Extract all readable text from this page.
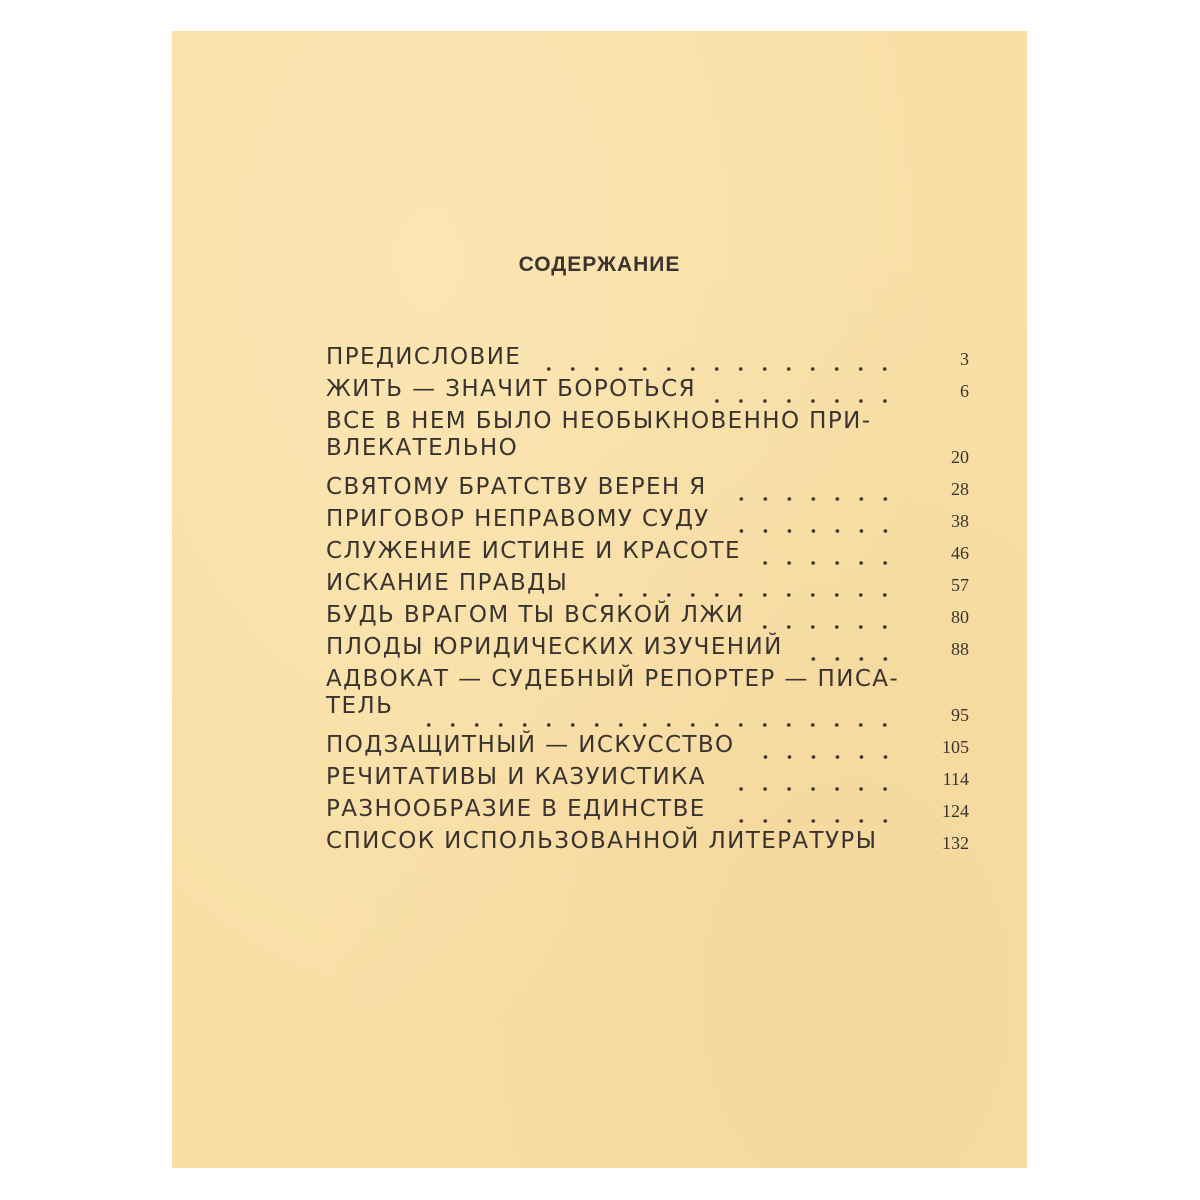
СОДЕРЖАНИЕ
ПРЕДИСЛОВИЕ	3
ЖИТЬ — ЗНАЧИТ БОРОТЬСЯ	6
ВСЕ В НЕМ БЫЛО НЕОБЫКНОВЕННО ПРИ-
ВЛЕКАТЕЛЬНО	20
СВЯТОМУ БРАТСТВУ ВЕРЕН Я	28
ПРИГОВОР НЕПРАВОМУ СУДУ	38
СЛУЖЕНИЕ ИСТИНЕ И КРАСОТЕ	46
ИСКАНИЕ ПРАВДЫ	57
БУДЬ ВРАГОМ ТЫ ВСЯКОЙ ЛЖИ	80
ПЛОДЫ ЮРИДИЧЕСКИХ ИЗУЧЕНИЙ	88
АДВОКАТ — СУДЕБНЫЙ РЕПОРТЕР — ПИСА-
ТЕЛЬ	95
ПОДЗАЩИТНЫЙ — ИСКУССТВО	105
РЕЧИТАТИВЫ И КАЗУИСТИКА	114
РАЗНООБРАЗИЕ В ЕДИНСТВЕ	124
СПИСОК ИСПОЛЬЗОВАННОЙ ЛИТЕРАТУРЫ	132
